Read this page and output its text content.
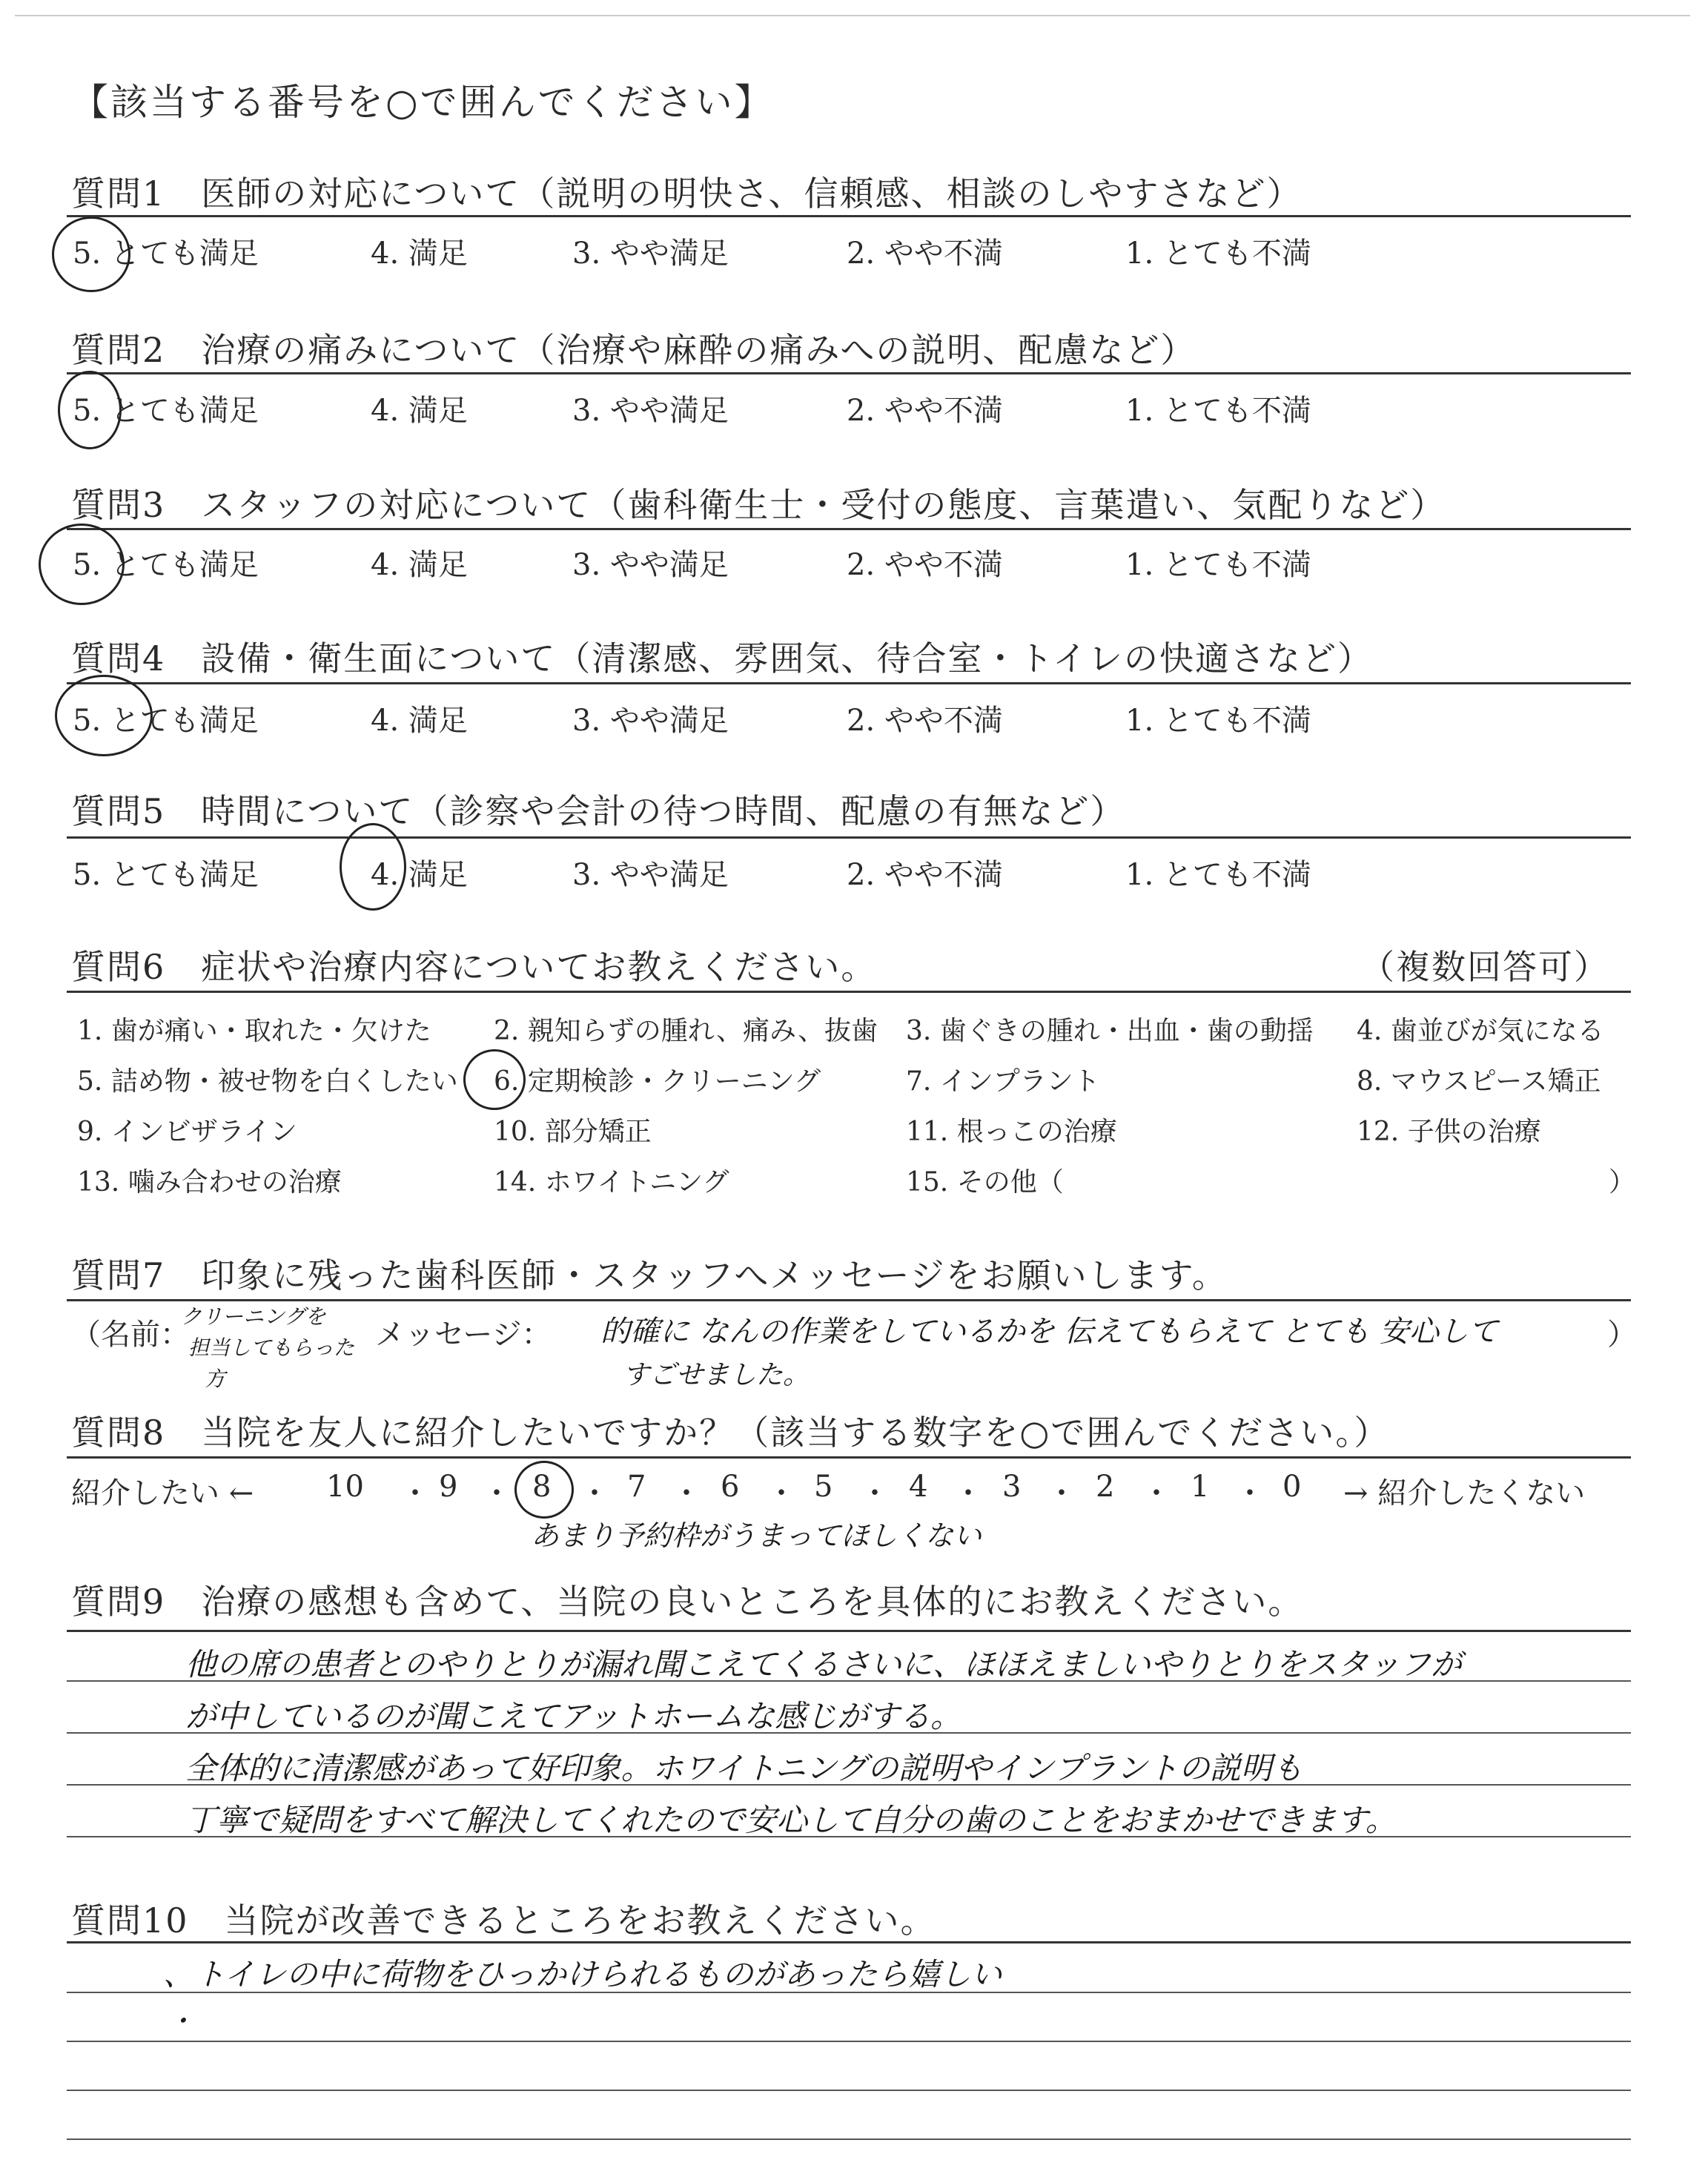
【該当する番号を○で囲んでください】
質問1　医師の対応について（説明の明快さ、信頼感、相談のしやすさなど）
5. とても満足	4. 満足	3. やや満足	2. やや不満	1. とても不満
質問2　治療の痛みについて（治療や麻酔の痛みへの説明、配慮など）
5. とても満足	4. 満足	3. やや満足	2. やや不満	1. とても不満
質問3　スタッフの対応について（歯科衛生士・受付の態度、言葉遣い、気配りなど）
5. とても満足	4. 満足	3. やや満足	2. やや不満	1. とても不満
質問4　設備・衛生面について（清潔感、雰囲気、待合室・トイレの快適さなど）
5. とても満足	4. 満足	3. やや満足	2. やや不満	1. とても不満
質問5　時間について（診察や会計の待つ時間、配慮の有無など）
5. とても満足	4. 満足	3. やや満足	2. やや不満	1. とても不満
質問6　症状や治療内容についてお教えください。	（複数回答可）
1. 歯が痛い・取れた・欠けた 2. 親知らずの腫れ、痛み、抜歯 3. 歯ぐきの腫れ・出血・歯の動揺 4. 歯並びが気になる
5. 詰め物・被せ物を白くしたい 6. 定期検診・クリーニング	7. インプラント	8. マウスピース矯正
9. インビザライン	10. 部分矯正	11. 根っこの治療	12. 子供の治療
13. 噛み合わせの治療	14. ホワイトニング	15. その他（	）
質問7　印象に残った歯科医師・スタッフへメッセージをお願いします。
（名前：
クリーニングを
担当してもらった
方
メッセージ： 的確に なんの作業をしているかを 伝えてもらえて とても 安心して
すごせました。
）
質問8　当院を友人に紹介したいですか？（該当する数字を○で囲んでください。）
紹介したい ← 10 ・ 9 ・ 8 ・ 7 ・ 6 ・ 5 ・ 4 ・ 3 ・ 2 ・ 1 ・ 0 → 紹介したくない
あまり予約枠がうまってほしくない
質問9　治療の感想も含めて、当院の良いところを具体的にお教えください。
他の席の患者とのやりとりが漏れ聞こえてくるさいに、ほほえましいやりとりをスタッフが
が中しているのが聞こえてアットホームな感じがする。
全体的に清潔感があって好印象。ホワイトニングの説明やインプラントの説明も
丁寧で疑問をすべて解決してくれたので安心して自分の歯のことをおまかせできます。
質問10　当院が改善できるところをお教えください。
、トイレの中に荷物をひっかけられるものがあったら嬉しい
・
